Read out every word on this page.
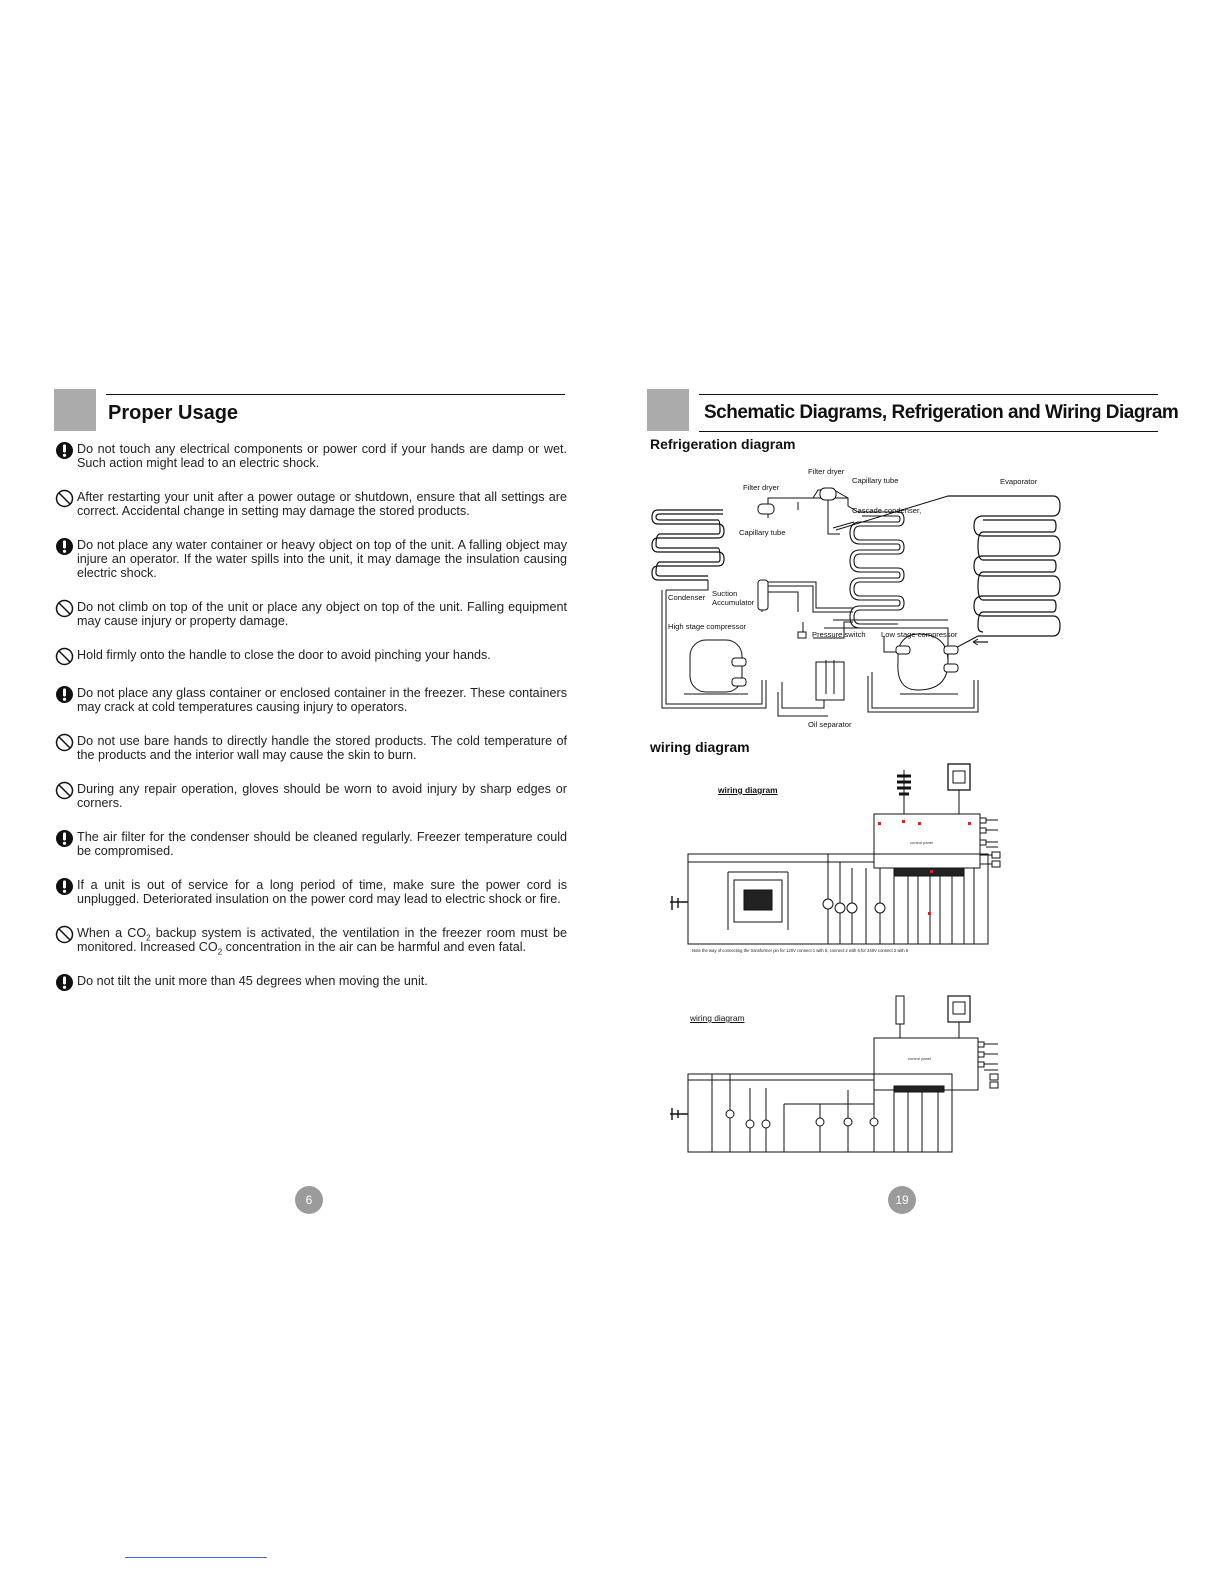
Proper Usage
Do not touch any electrical components or power cord if your hands are damp or wet. Such action might lead to an electric shock.
After restarting your unit after a power outage or shutdown, ensure that all settings are correct. Accidental change in setting may damage the stored products.
Do not place any water container or heavy object on top of the unit. A falling object may injure an operator. If the water spills into the unit, it may damage the insulation causing electric shock.
Do not climb on top of the unit or place any object on top of the unit. Falling equipment may cause injury or property damage.
Hold firmly onto the handle to close the door to avoid pinching your hands.
Do not place any glass container or enclosed container in the freezer. These containers may crack at cold temperatures causing injury to operators.
Do not use bare hands to directly handle the stored products. The cold temperature of the products and the interior wall may cause the skin to burn.
During any repair operation, gloves should be worn to avoid injury by sharp edges or corners.
The air filter for the condenser should be cleaned regularly. Freezer temperature could be compromised.
If a unit is out of service for a long period of time, make sure the power cord is unplugged. Deteriorated insulation on the power cord may lead to electric shock or fire.
When a $CO_2$ backup system is activated, the ventilation in the freezer room must be monitored. Increased $CO_2$ concentration in the air can be harmful and even fatal.
Do not tilt the unit more than 45 degrees when moving the unit.
6
Schematic Diagrams, Refrigeration and Wiring Diagram
Refrigeration diagram
Filter dryer
Capillary tube
Filter dryer
Evaporator
Cascade condenser,
Capillary tube
Condenser Suction
Accumulator
High stage compressor
Pressure switch Low stage compressor
Oil separator
wiring diagram
wiring diagram
control panel
Note the way of connecting the transformer pin for 120V connect 1 with 5, connect 2 with 6;for 240V connect 2 with 5
wiring diagram
control panel
19
